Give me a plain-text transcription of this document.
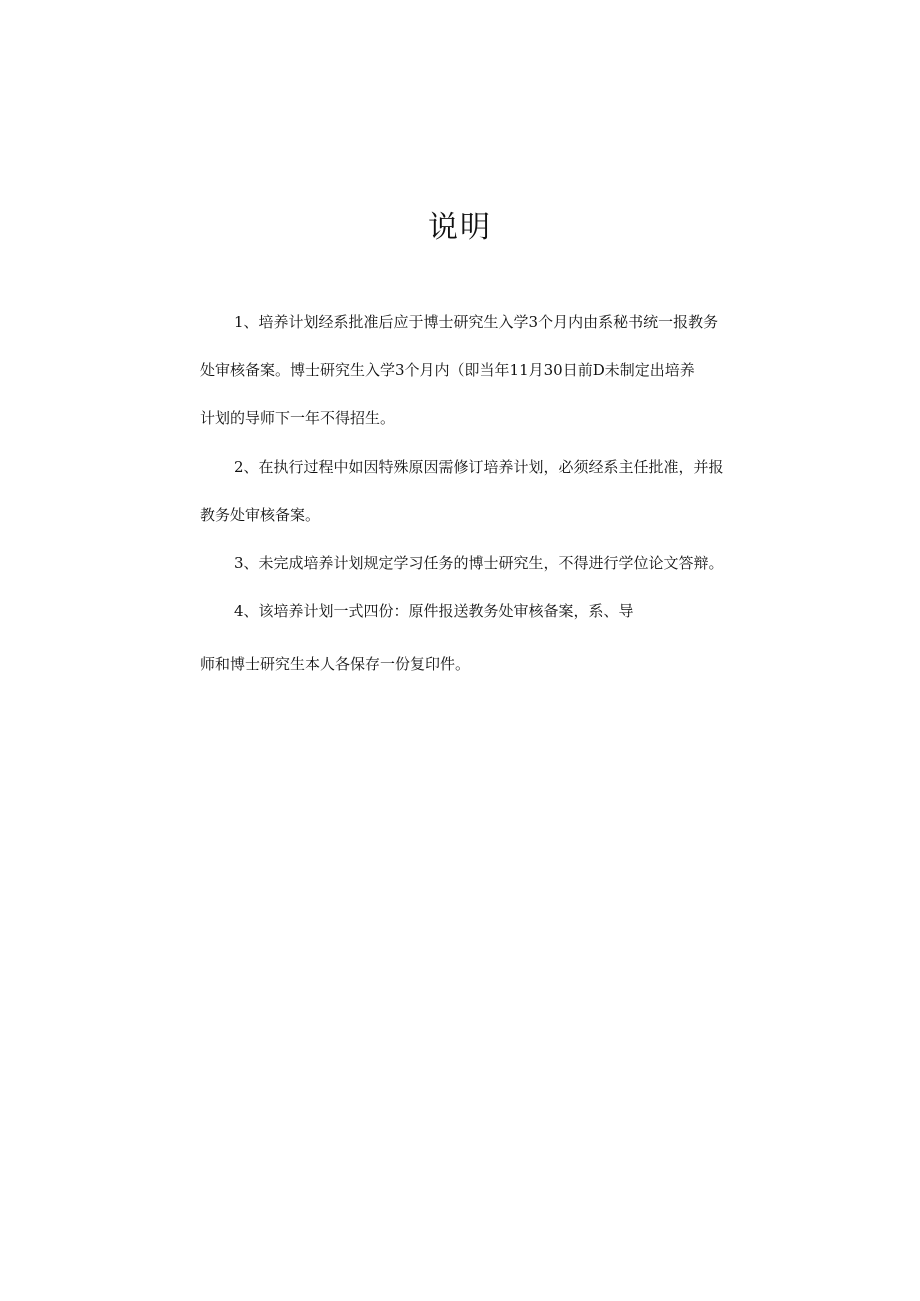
说明
1、培养计划经系批准后应于博士研究生入学3个月内由系秘书统一报教务
处审核备案。博士研究生入学3个月内（即当年11月30日前D未制定出培养
计划的导师下一年不得招生。
2、在执行过程中如因特殊原因需修订培养计划，必须经系主任批准，并报
教务处审核备案。
3、未完成培养计划规定学习任务的博士研究生，不得进行学位论文答辩。
4、该培养计划一式四份：原件报送教务处审核备案，系、导
师和博士研究生本人各保存一份复印件。
